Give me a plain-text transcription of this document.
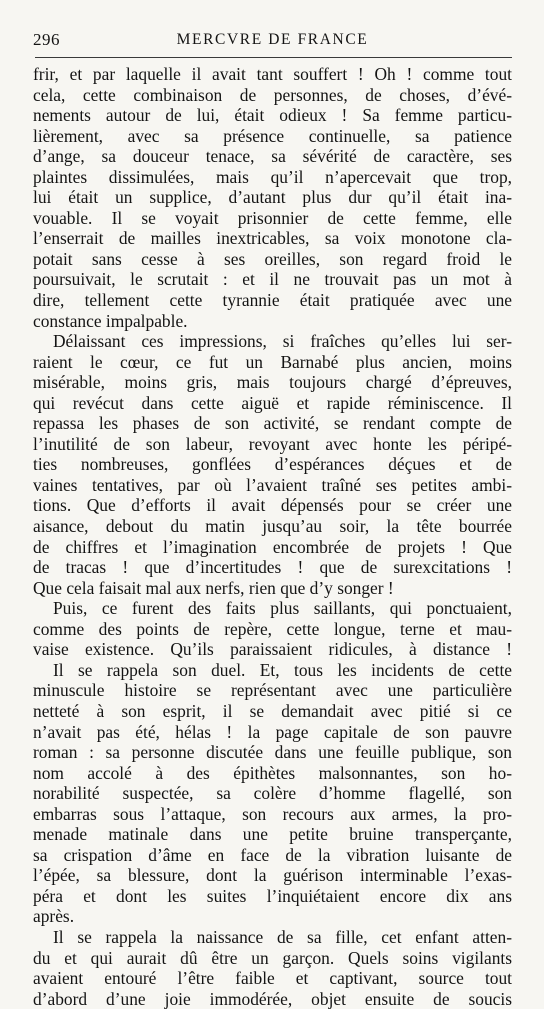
296	MERCVRE DE FRANCE
frir, et par laquelle il avait tant souffert ! Oh ! comme tout
cela, cette combinaison de personnes, de choses, d’évé-
nements autour de lui, était odieux ! Sa femme particu-
lièrement, avec sa présence continuelle, sa patience
d’ange, sa douceur tenace, sa sévérité de caractère, ses
plaintes dissimulées, mais qu’il n’apercevait que trop,
lui était un supplice, d’autant plus dur qu’il était ina-
vouable. Il se voyait prisonnier de cette femme, elle
l’enserrait de mailles inextricables, sa voix monotone cla-
potait sans cesse à ses oreilles, son regard froid le
poursuivait, le scrutait : et il ne trouvait pas un mot à
dire, tellement cette tyrannie était pratiquée avec une
constance impalpable.
Délaissant ces impressions, si fraîches qu’elles lui ser-
raient le cœur, ce fut un Barnabé plus ancien, moins
misérable, moins gris, mais toujours chargé d’épreuves,
qui revécut dans cette aiguë et rapide réminiscence. Il
repassa les phases de son activité, se rendant compte de
l’inutilité de son labeur, revoyant avec honte les péripé-
ties nombreuses, gonflées d’espérances déçues et de
vaines tentatives, par où l’avaient traîné ses petites ambi-
tions. Que d’efforts il avait dépensés pour se créer une
aisance, debout du matin jusqu’au soir, la tête bourrée
de chiffres et l’imagination encombrée de projets ! Que
de tracas ! que d’incertitudes ! que de surexcitations !
Que cela faisait mal aux nerfs, rien que d’y songer !
Puis, ce furent des faits plus saillants, qui ponctuaient,
comme des points de repère, cette longue, terne et mau-
vaise existence. Qu’ils paraissaient ridicules, à distance !
Il se rappela son duel. Et, tous les incidents de cette
minuscule histoire se représentant avec une particulière
netteté à son esprit, il se demandait avec pitié si ce
n’avait pas été, hélas ! la page capitale de son pauvre
roman : sa personne discutée dans une feuille publique, son
nom accolé à des épithètes malsonnantes, son ho-
norabilité suspectée, sa colère d’homme flagellé, son
embarras sous l’attaque, son recours aux armes, la pro-
menade matinale dans une petite bruine transperçante,
sa crispation d’âme en face de la vibration luisante de
l’épée, sa blessure, dont la guérison interminable l’exas-
péra et dont les suites l’inquiétaient encore dix ans
après.
Il se rappela la naissance de sa fille, cet enfant atten-
du et qui aurait dû être un garçon. Quels soins vigilants
avaient entouré l’être faible et captivant, source tout
d’abord d’une joie immodérée, objet ensuite de soucis
